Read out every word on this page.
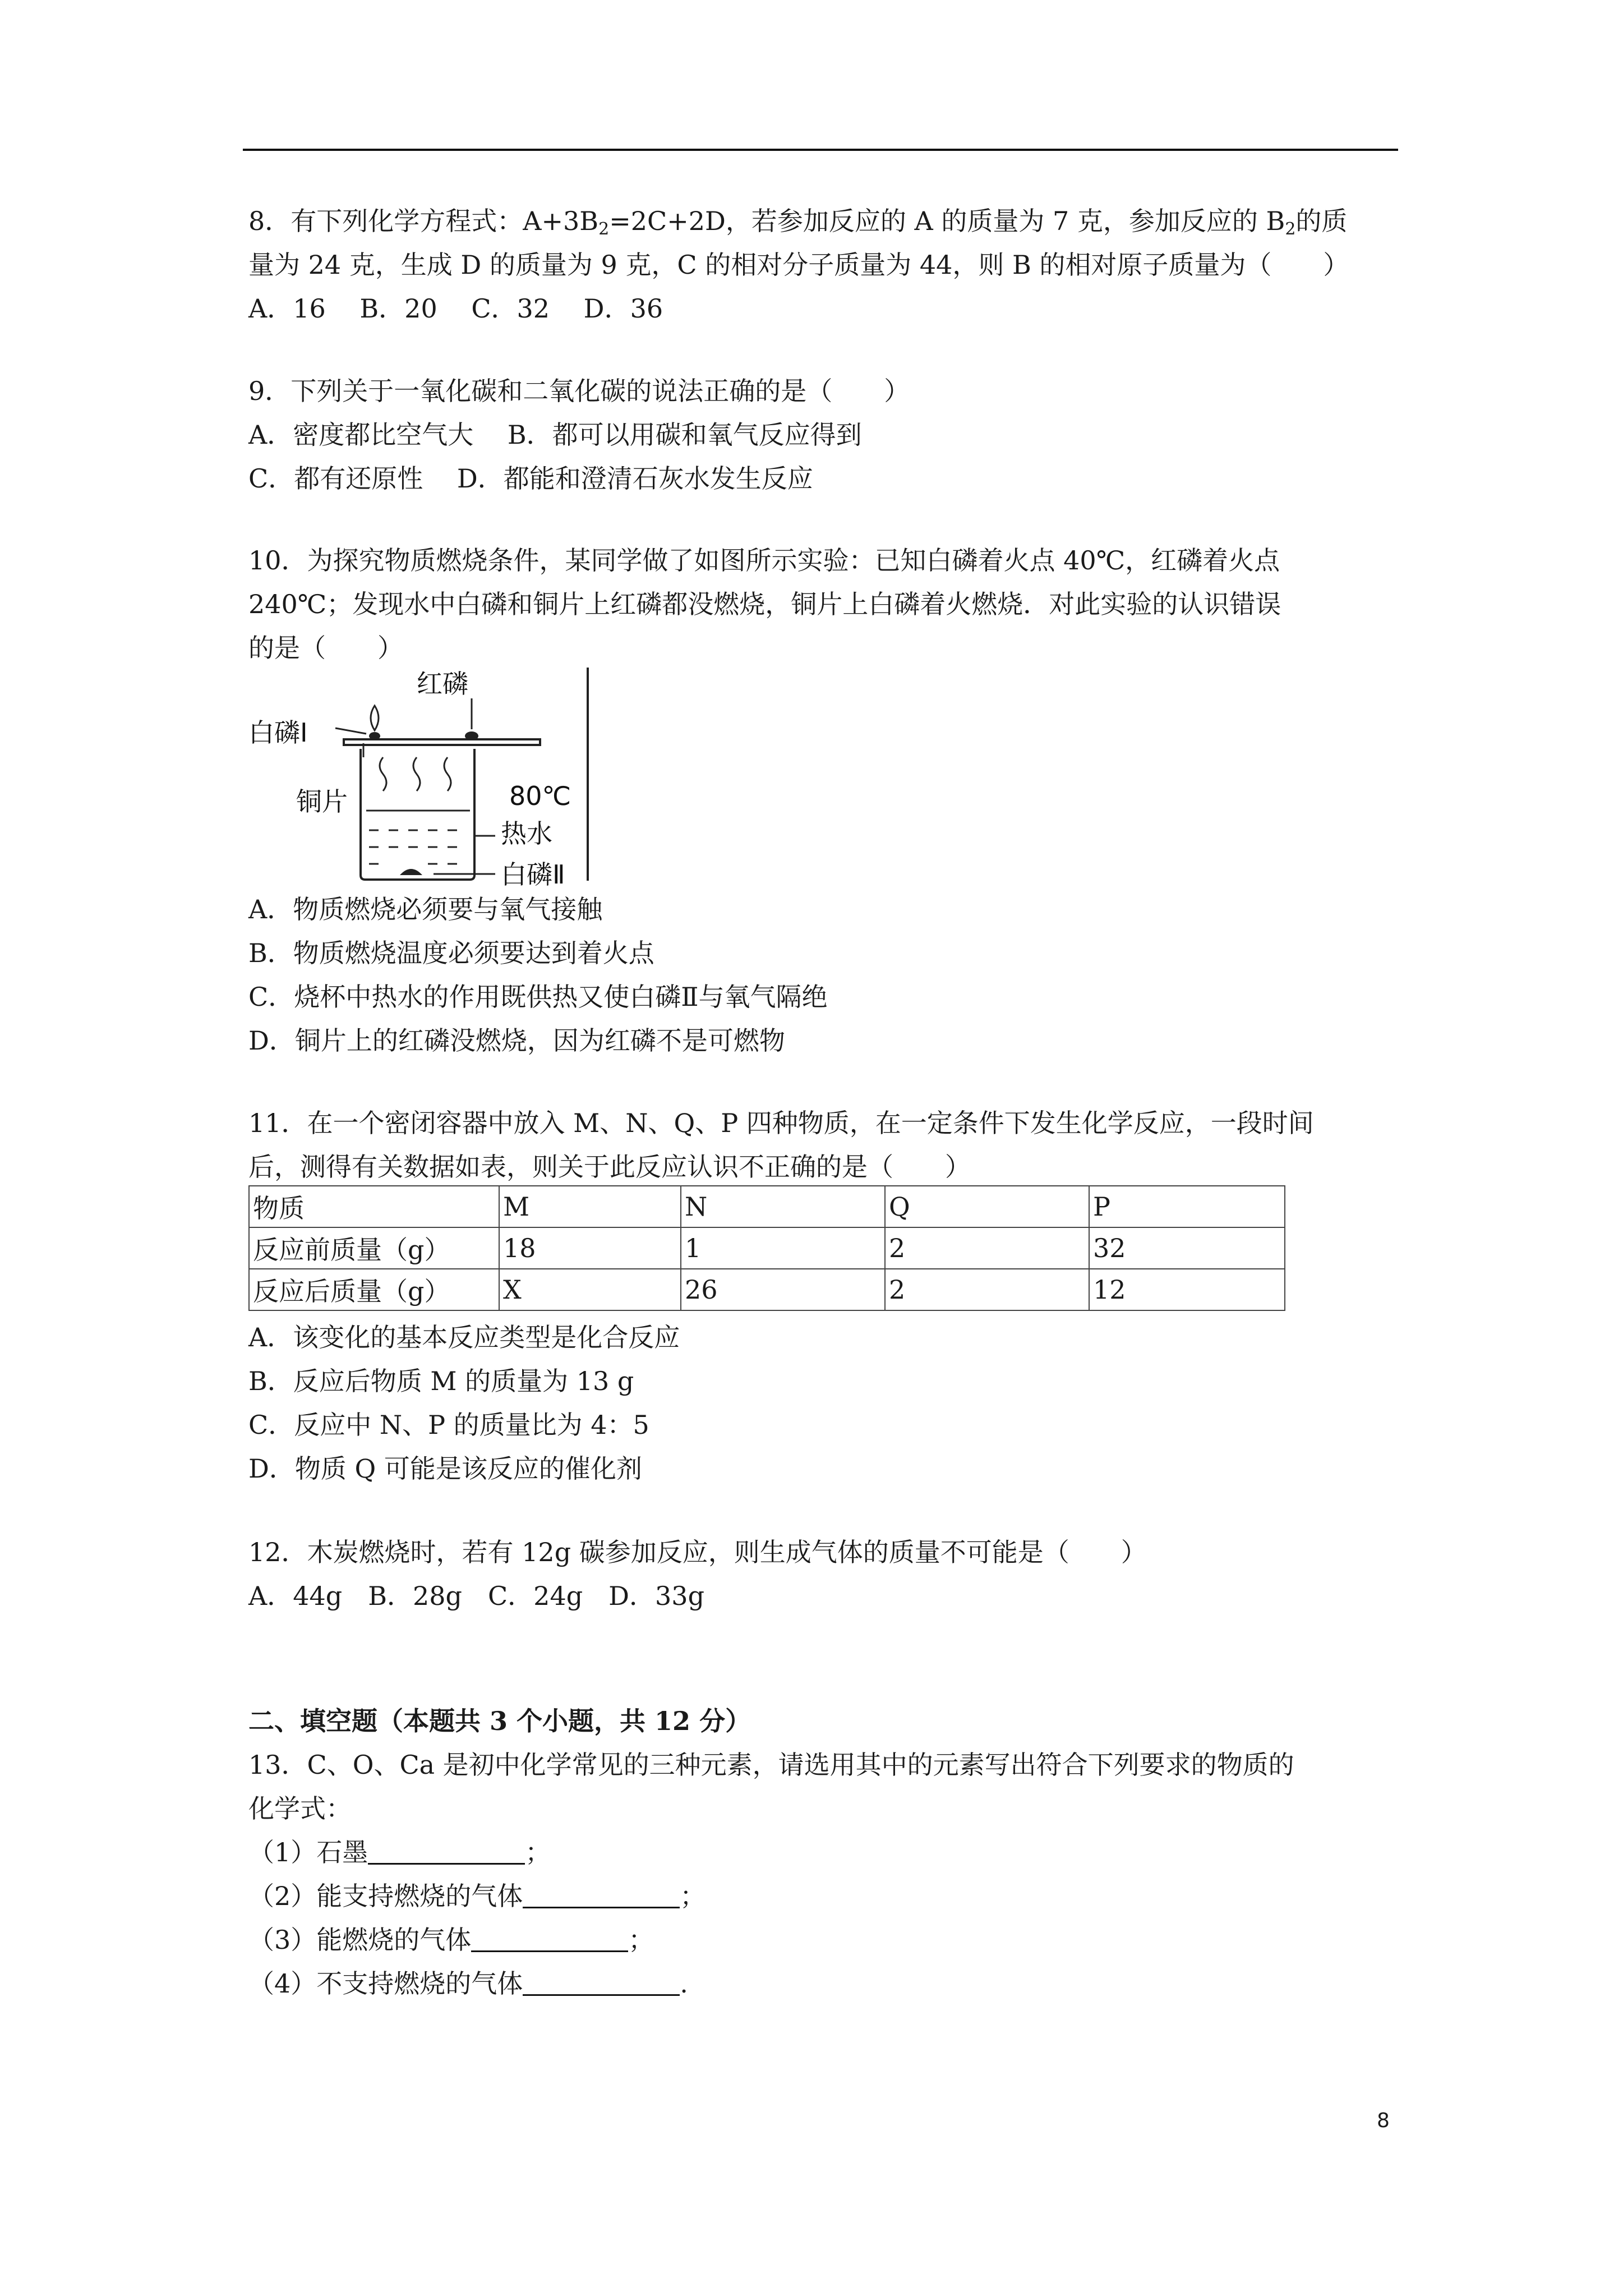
8．有下列化学方程式：$A+3B_2=2C+2D$，若参加反应的 A 的质量为 7 克，参加反应的 $B_2$的质
量为 24 克，生成 D 的质量为 9 克，C 的相对分子质量为 44，则 B 的相对原子质量为（　　）
A．16　 B．20　 C．32　 D．36
9．下列关于一氧化碳和二氧化碳的说法正确的是（　　）
A．密度都比空气大　 B．都可以用碳和氧气反应得到
C．都有还原性　 D．都能和澄清石灰水发生反应
10．为探究物质燃烧条件，某同学做了如图所示实验：已知白磷着火点 40℃，红磷着火点
240℃；发现水中白磷和铜片上红磷都没燃烧，铜片上白磷着火燃烧．对此实验的认识错误
的是（　　）
红磷
白磷Ⅰ
铜片	80℃
热水
白磷Ⅱ
A．物质燃烧必须要与氧气接触
B．物质燃烧温度必须要达到着火点
C．烧杯中热水的作用既供热又使白磷Ⅱ与氧气隔绝
D．铜片上的红磷没燃烧，因为红磷不是可燃物
11．在一个密闭容器中放入 M、N、Q、P 四种物质，在一定条件下发生化学反应，一段时间
后，测得有关数据如表，则关于此反应认识不正确的是（　　）
物质	M	N	Q	P
反应前质量（g）	18	1	2	32
反应后质量（g）	X	26	2	12
A．该变化的基本反应类型是化合反应
B．反应后物质 M 的质量为 13 g
C．反应中 N、P 的质量比为 4：5
D．物质 Q 可能是该反应的催化剂
12．木炭燃烧时，若有 12g 碳参加反应，则生成气体的质量不可能是（　　）
A．44g　B．28g　C．24g　D．33g
二、填空题（本题共 3 个小题，共 12 分）
13．C、O、Ca 是初中化学常见的三种元素，请选用其中的元素写出符合下列要求的物质的
化学式：
（1）石墨	；
（2）能支持燃烧的气体	；
（3）能燃烧的气体	；
（4）不支持燃烧的气体	.
8
